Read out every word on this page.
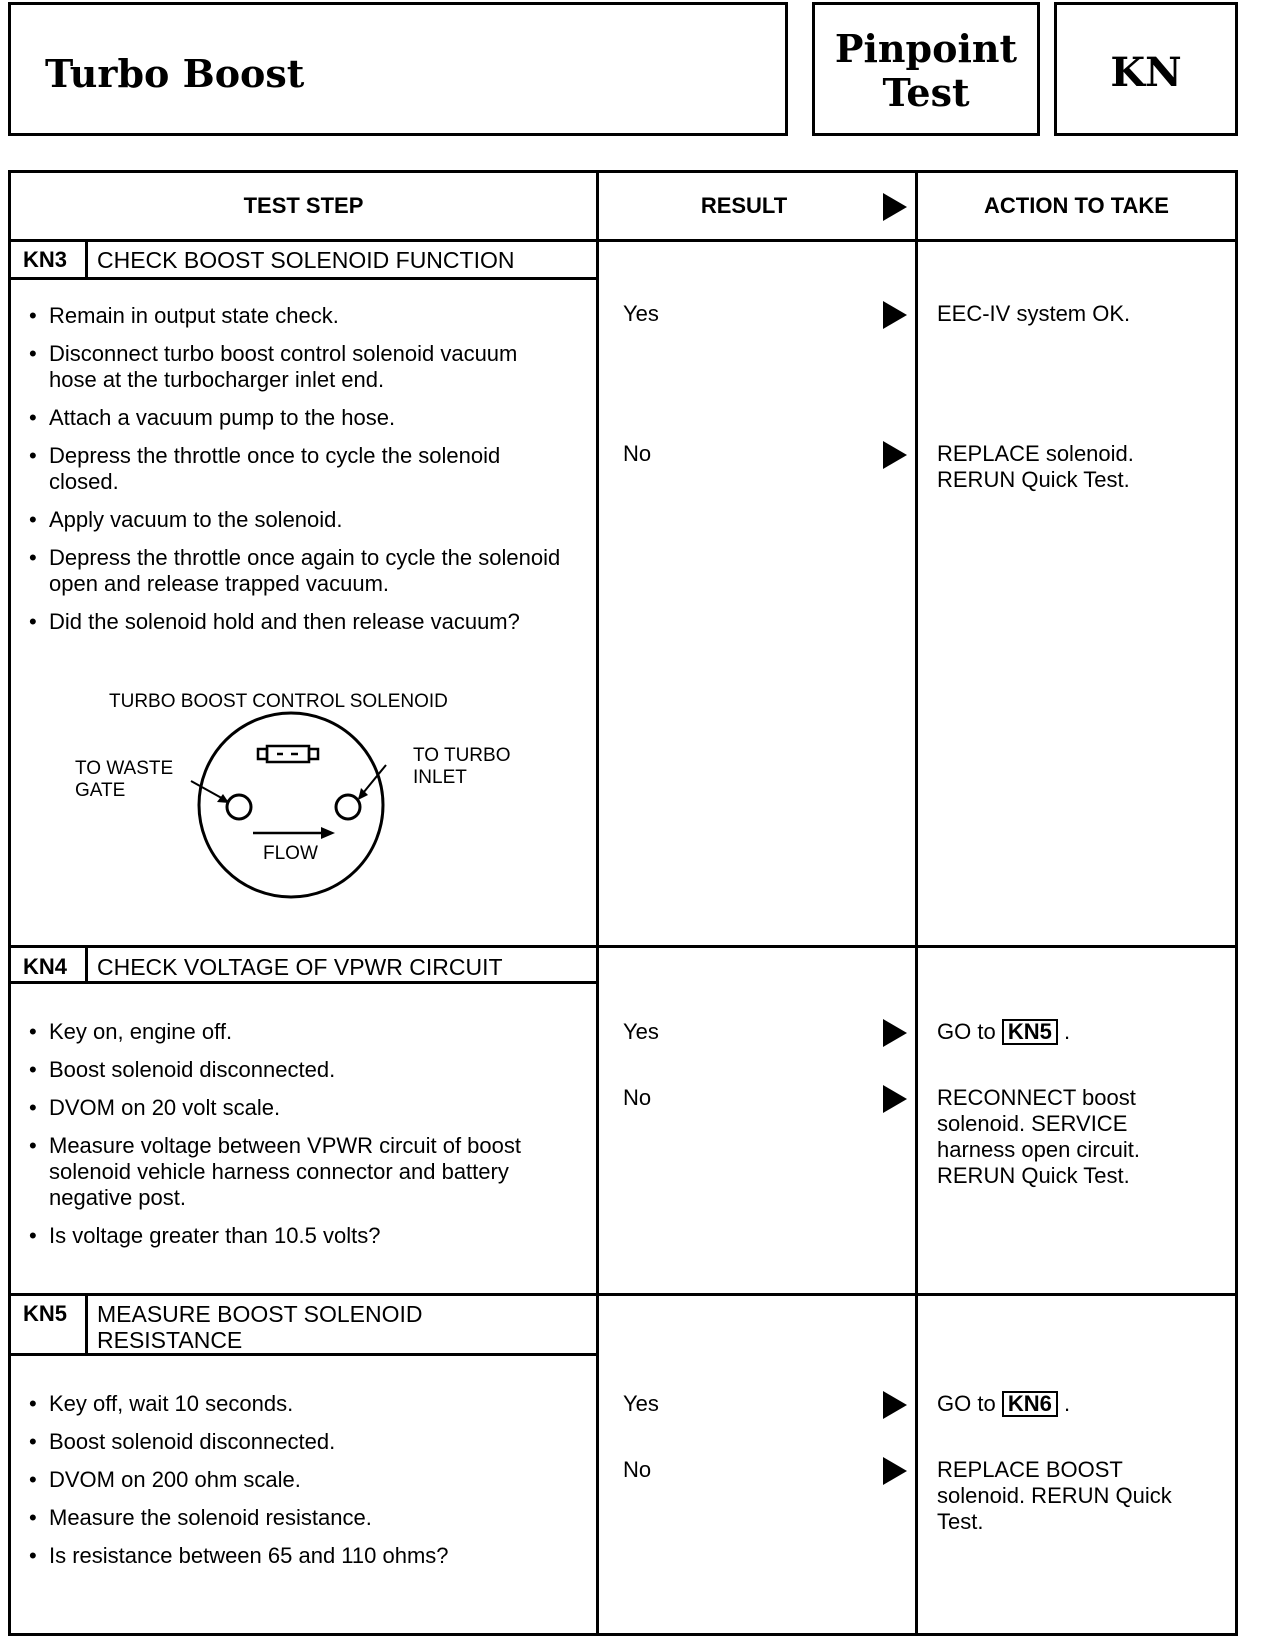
Turbo Boost
Pinpoint
Test	KN
TEST STEP	RESULT	ACTION TO TAKE
KN3 CHECK BOOST SOLENOID FUNCTION
• Remain in output state check.
• Disconnect turbo boost control solenoid vacuum hose at the turbocharger inlet end.
• Attach a vacuum pump to the hose.
• Depress the throttle once to cycle the solenoid closed.
• Apply vacuum to the solenoid.
• Depress the throttle once again to cycle the solenoid open and release trapped vacuum.
• Did the solenoid hold and then release vacuum?
TURBO BOOST CONTROL SOLENOID
TO WASTE
GATE
TO TURBO
INLET
FLOW
Yes	EEC-IV system OK.
No	REPLACE solenoid.
RERUN Quick Test.
KN4 CHECK VOLTAGE OF VPWR CIRCUIT
• Key on, engine off.
• Boost solenoid disconnected.
• DVOM on 20 volt scale.
• Measure voltage between VPWR circuit of boost solenoid vehicle harness connector and battery negative post.
• Is voltage greater than 10.5 volts?
Yes	GO to KN5 .
No	RECONNECT boost
solenoid. SERVICE
harness open circuit.
RERUN Quick Test.
KN5 MEASURE BOOST SOLENOID
RESISTANCE
• Key off, wait 10 seconds.
• Boost solenoid disconnected.
• DVOM on 200 ohm scale.
• Measure the solenoid resistance.
• Is resistance between 65 and 110 ohms?
Yes	GO to KN6 .
No	REPLACE BOOST
solenoid. RERUN Quick
Test.
